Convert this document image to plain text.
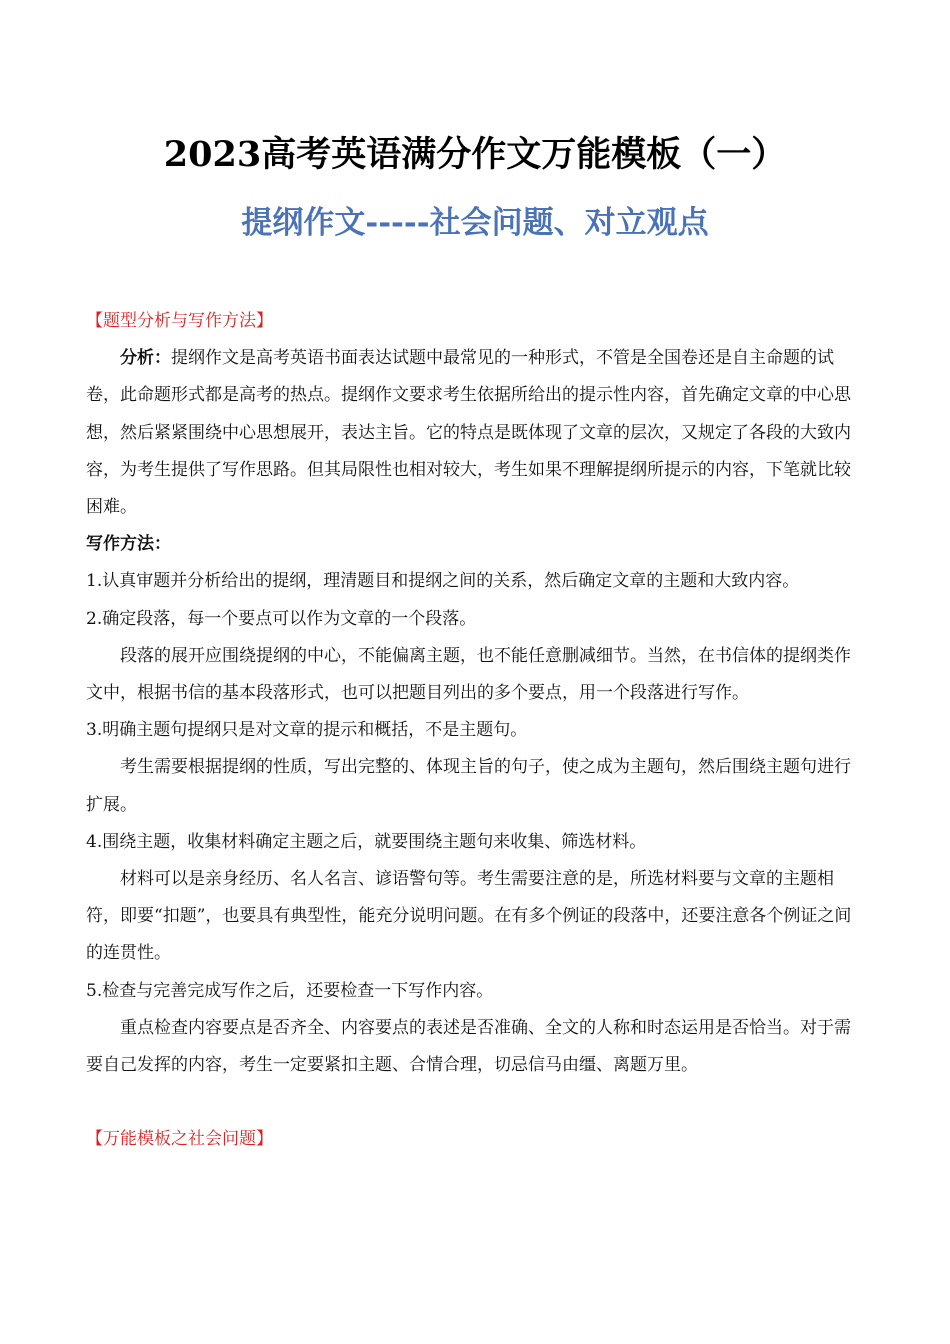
2023高考英语满分作文万能模板（一）
提纲作文-----社会问题、对立观点

【题型分析与写作方法】

分析：提纲作文是高考英语书面表达试题中最常见的一种形式，不管是全国卷还是自主命题的试卷，此命题形式都是高考的热点。提纲作文要求考生依据所给出的提示性内容，首先确定文章的中心思想，然后紧紧围绕中心思想展开，表达主旨。它的特点是既体现了文章的层次，又规定了各段的大致内容，为考生提供了写作思路。但其局限性也相对较大，考生如果不理解提纲所提示的内容，下笔就比较困难。

写作方法：

1.认真审题并分析给出的提纲，理清题目和提纲之间的关系，然后确定文章的主题和大致内容。

2.确定段落，每一个要点可以作为文章的一个段落。

段落的展开应围绕提纲的中心，不能偏离主题，也不能任意删减细节。当然，在书信体的提纲类作文中，根据书信的基本段落形式，也可以把题目列出的多个要点，用一个段落进行写作。

3.明确主题句提纲只是对文章的提示和概括，不是主题句。

考生需要根据提纲的性质，写出完整的、体现主旨的句子，使之成为主题句，然后围绕主题句进行扩展。

4.围绕主题，收集材料确定主题之后，就要围绕主题句来收集、筛选材料。

材料可以是亲身经历、名人名言、谚语警句等。考生需要注意的是，所选材料要与文章的主题相符，即要“扣题”，也要具有典型性，能充分说明问题。在有多个例证的段落中，还要注意各个例证之间的连贯性。

5.检查与完善完成写作之后，还要检查一下写作内容。

重点检查内容要点是否齐全、内容要点的表述是否准确、全文的人称和时态运用是否恰当。对于需要自己发挥的内容，考生一定要紧扣主题、合情合理，切忌信马由缰、离题万里。

【万能模板之社会问题】
